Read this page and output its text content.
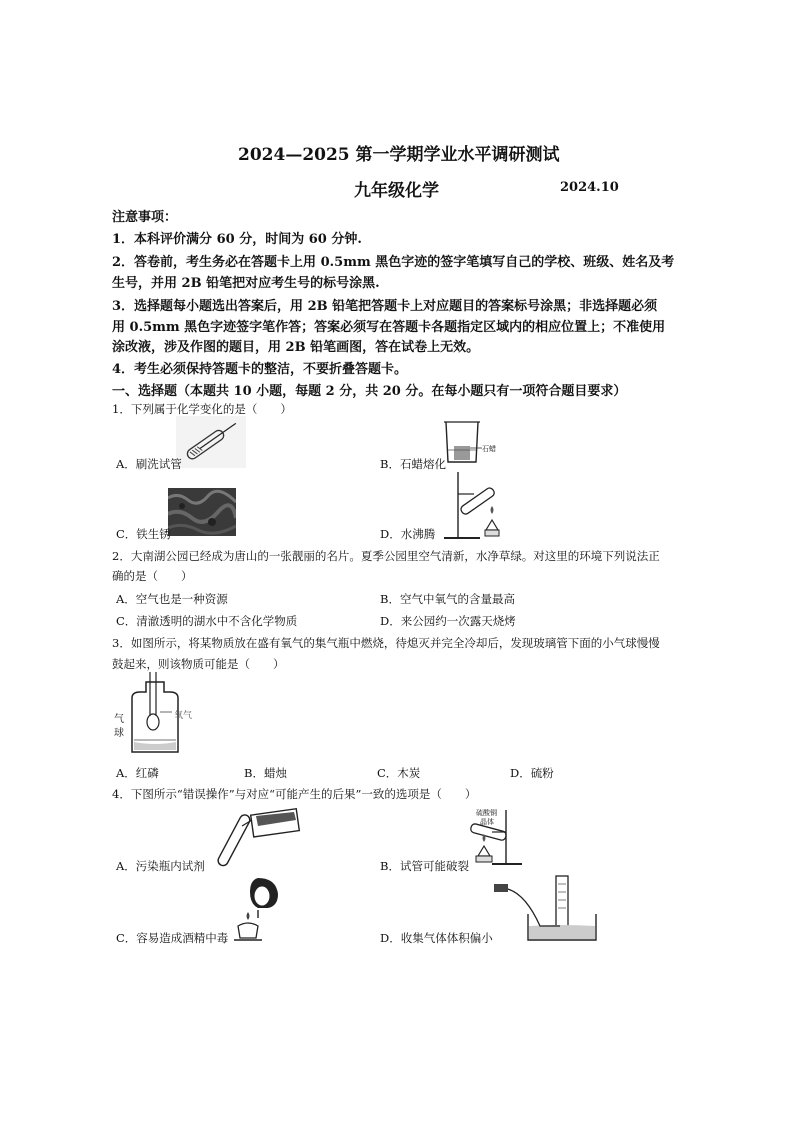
2024—2025 第一学期学业水平调研测试
九年级化学	2024.10
注意事项：
1．本科评价满分 60 分，时间为 60 分钟.
2．答卷前，考生务必在答题卡上用 0.5mm 黑色字迹的签字笔填写自己的学校、班级、姓名及考
生号，并用 2B 铅笔把对应考生号的标号涂黑.
3．选择题每小题选出答案后，用 2B 铅笔把答题卡上对应题目的答案标号涂黑；非选择题必须
用 0.5mm 黑色字迹签字笔作答；答案必须写在答题卡各题指定区域内的相应位置上；不准使用
涂改液，涉及作图的题目，用 2B 铅笔画图，答在试卷上无效。
4．考生必须保持答题卡的整洁，不要折叠答题卡。
一、选择题（本题共 10 小题，每题 2 分，共 20 分。在每小题只有一项符合题目要求）
1．下列属于化学变化的是（　　）
A．刷洗试管
石蜡
B．石蜡熔化
C．铁生锈	D．水沸腾
2．大南湖公园已经成为唐山的一张靓丽的名片。夏季公园里空气清新，水净草绿。对这里的环境下列说法正
确的是（　　）
A．空气也是一种资源	B．空气中氧气的含量最高
C．清澈透明的湖水中不含化学物质	D．来公园约一次露天烧烤
3．如图所示，将某物质放在盛有氧气的集气瓶中燃烧，待熄灭并完全冷却后，发现玻璃管下面的小气球慢慢
鼓起来，则该物质可能是（　　）
气
球
氧气
A．红磷	B．蜡烛	C．木炭	D．硫粉
4．下图所示“错误操作”与对应“可能产生的后果”一致的选项是（　　）
A．污染瓶内试剂
硫酸铜
晶体
B．试管可能破裂
C．容易造成酒精中毒	D．收集气体体积偏小
